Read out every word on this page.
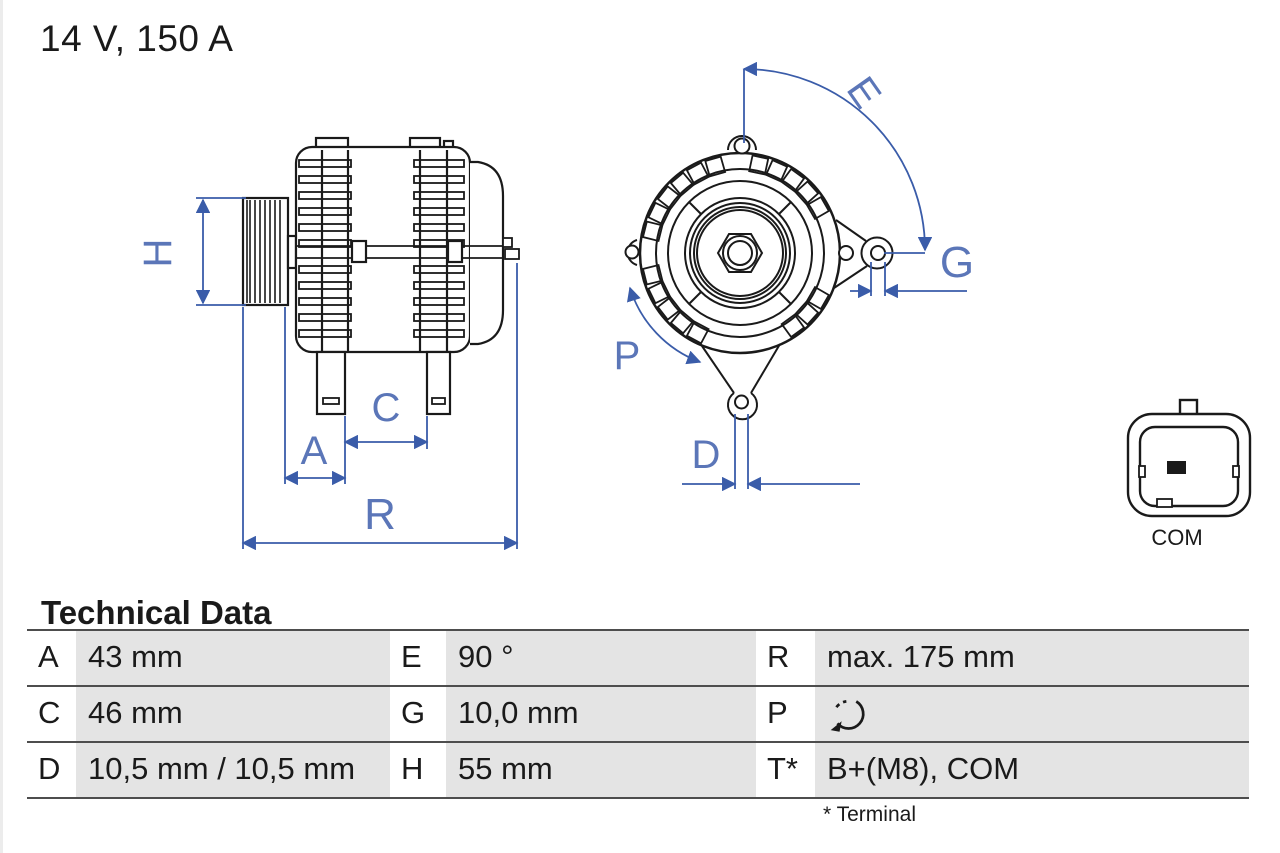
14 V, 150 A
H
A
C
R
E
G
P
D
COM
Technical Data
A 43 mm	E	90 °	R	max. 175 mm
C 46 mm	G	10,0 mm	P
D 10,5 mm / 10,5 mm	H	55 mm	T* B+(M8), COM
* Terminal
